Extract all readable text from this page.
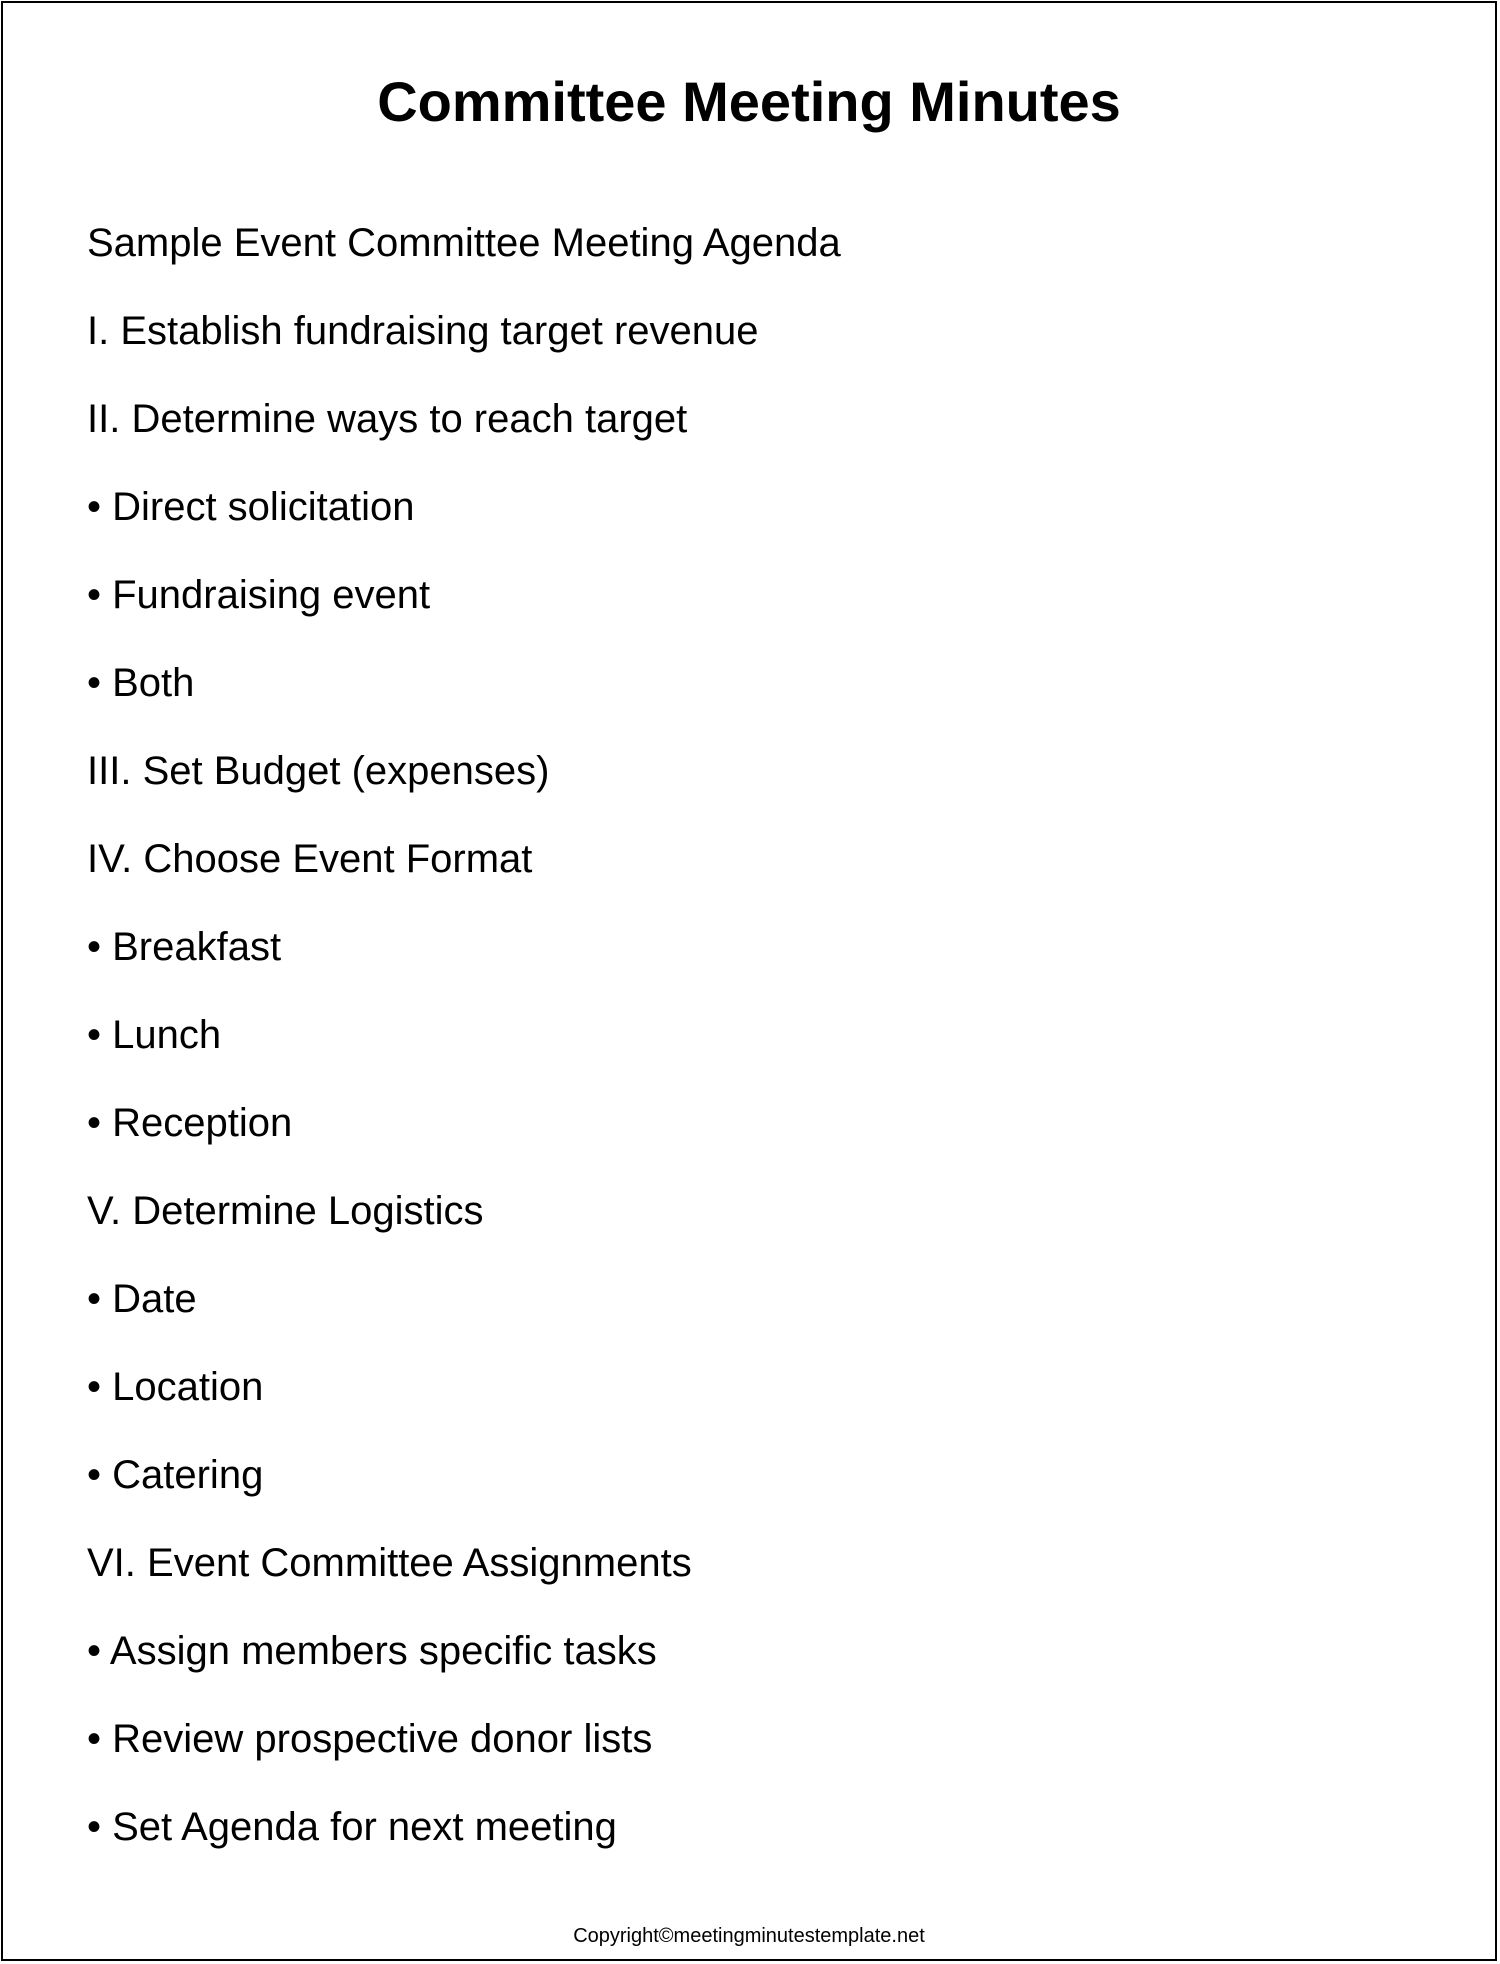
Committee Meeting Minutes
Sample Event Committee Meeting Agenda
I. Establish fundraising target revenue
II. Determine ways to reach target
• Direct solicitation
• Fundraising event
• Both
III. Set Budget (expenses)
IV. Choose Event Format
• Breakfast
• Lunch
• Reception
V. Determine Logistics
• Date
• Location
• Catering
VI. Event Committee Assignments
• Assign members specific tasks
• Review prospective donor lists
• Set Agenda for next meeting
Copyright©meetingminutestemplate.net
